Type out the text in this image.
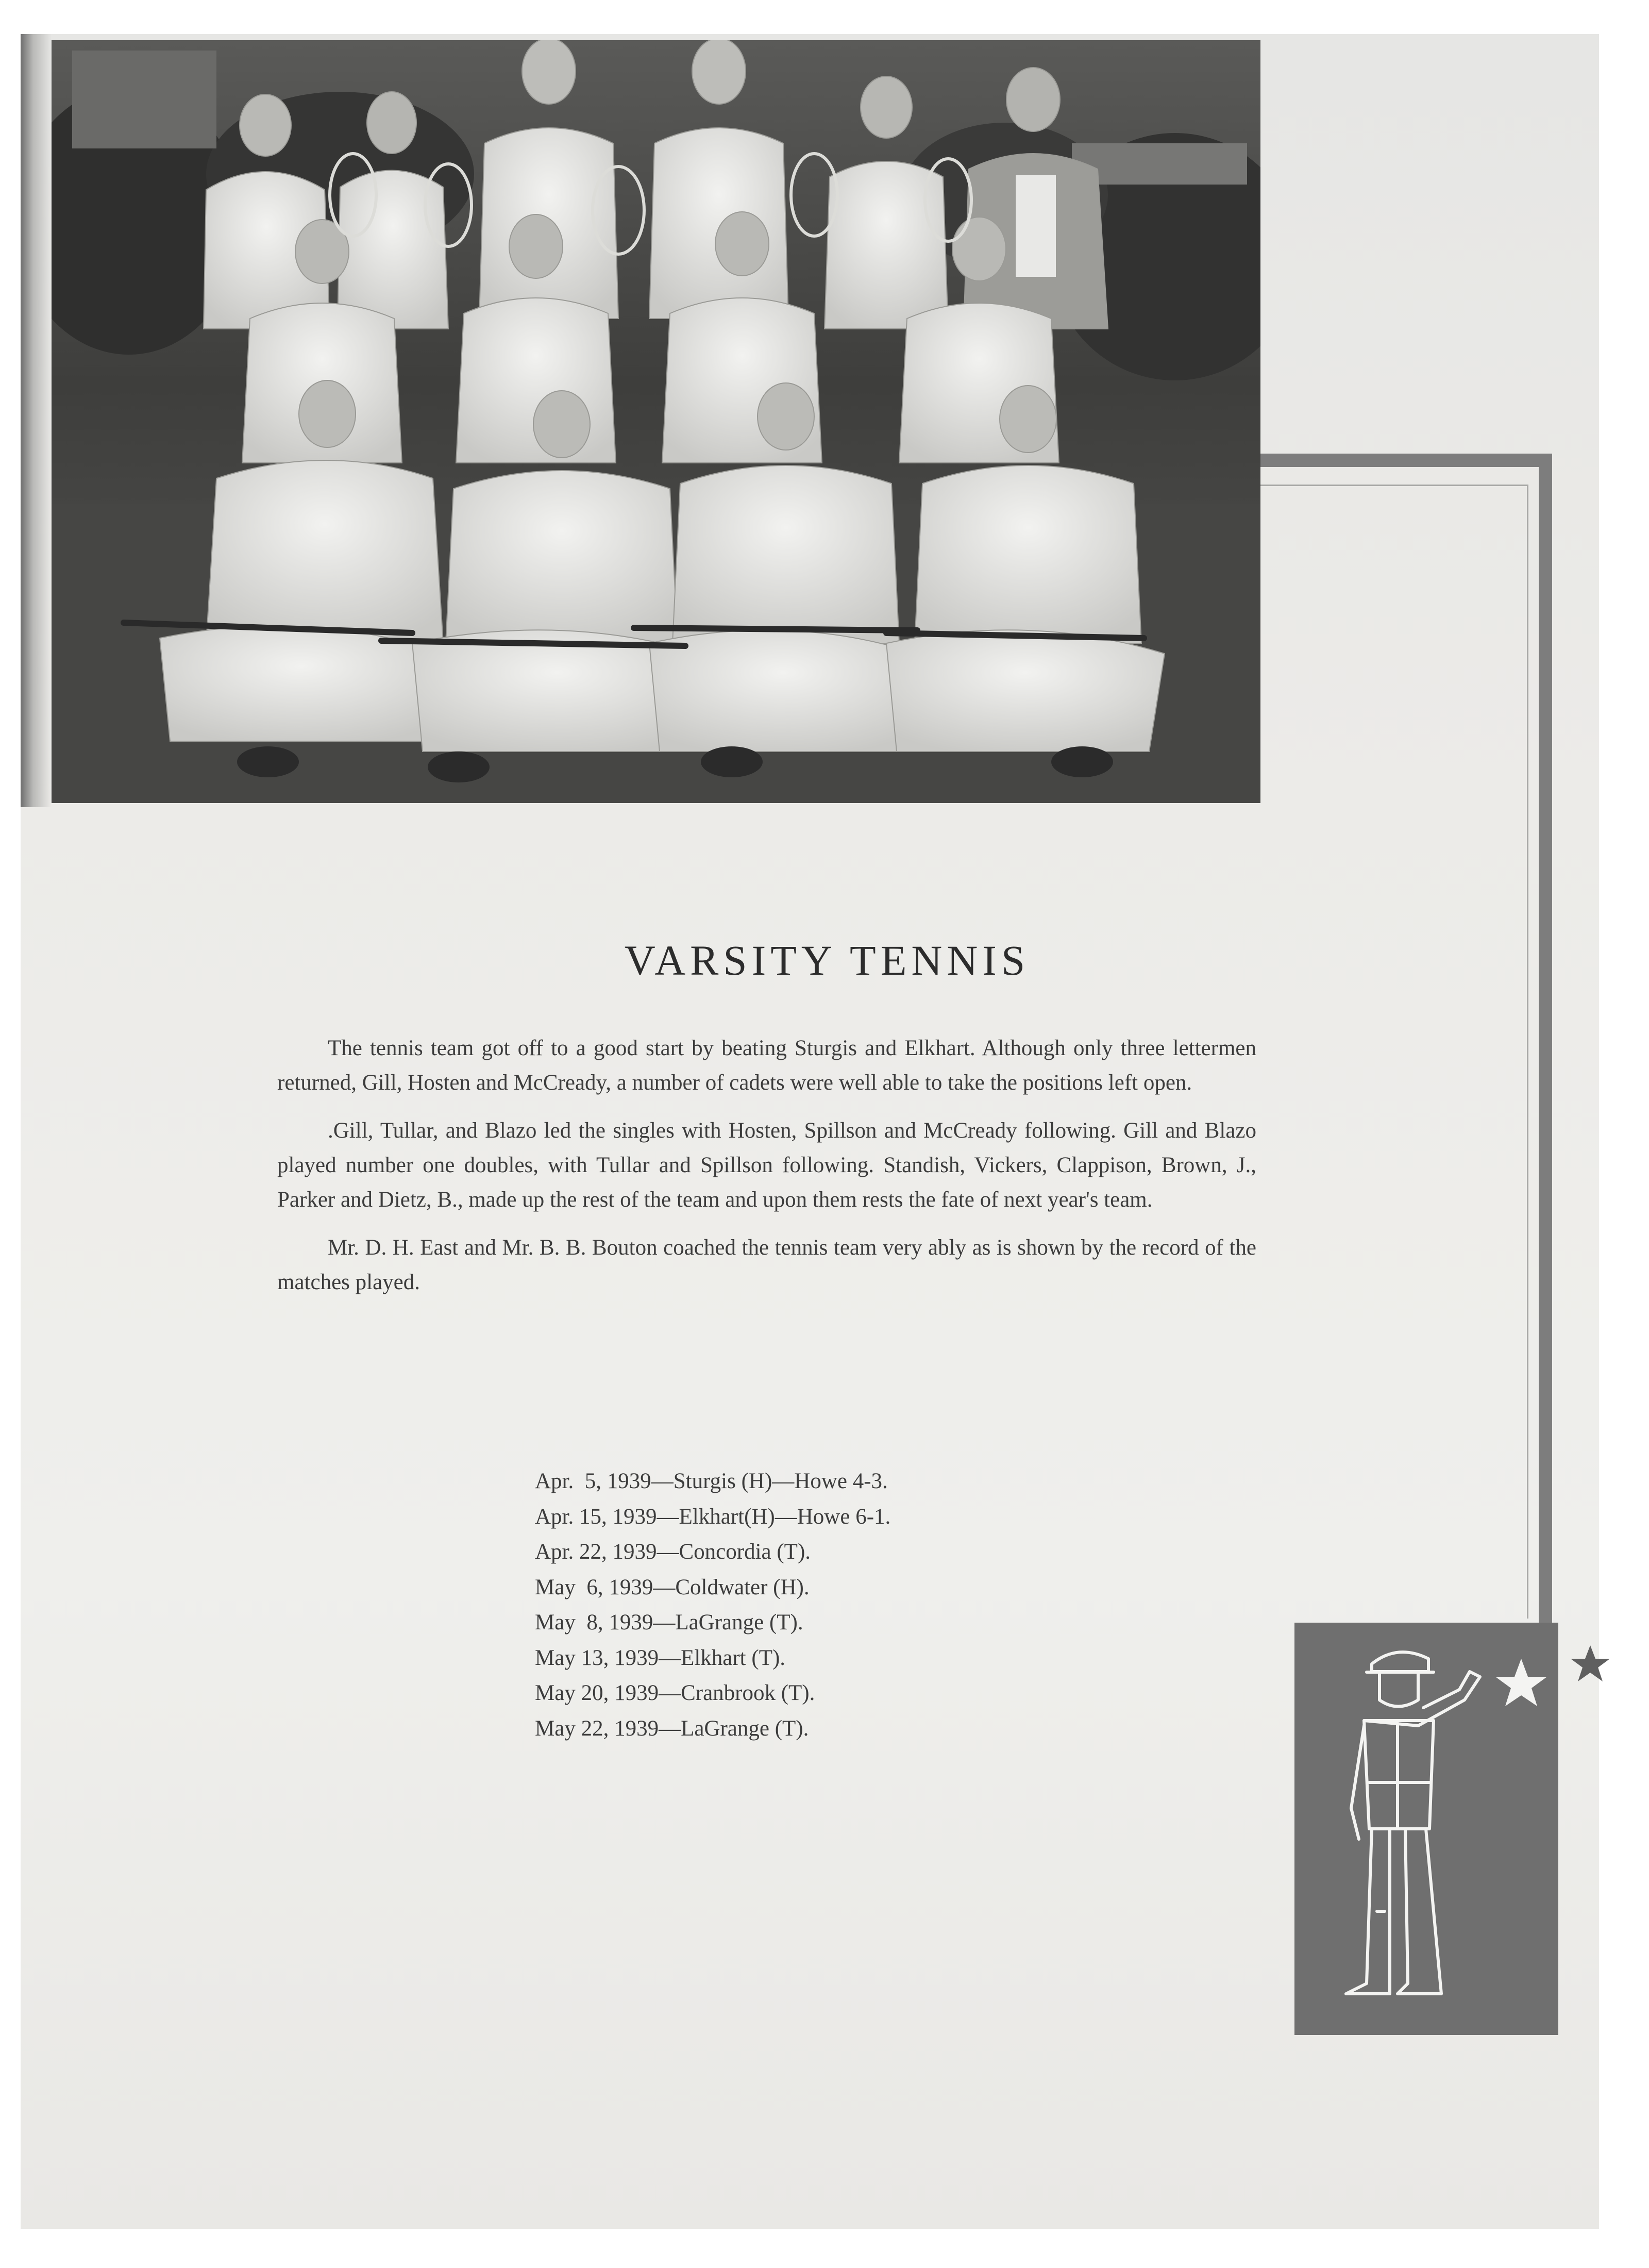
VARSITY TENNIS

The tennis team got off to a good start by beating Sturgis and Elkhart. Although only three lettermen returned, Gill, Hosten and McCready, a number of cadets were well able to take the positions left open.

.Gill, Tullar, and Blazo led the singles with Hosten, Spillson and McCready following. Gill and Blazo played number one doubles, with Tullar and Spillson following. Standish, Vickers, Clappison, Brown, J., Parker and Dietz, B., made up the rest of the team and upon them rests the fate of next year's team.

Mr. D. H. East and Mr. B. B. Bouton coached the tennis team very ably as is shown by the record of the matches played.

Apr.  5, 1939—Sturgis (H)—Howe 4-3.
Apr. 15, 1939—Elkhart(H)—Howe 6-1.
Apr. 22, 1939—Concordia (T).
May  6, 1939—Coldwater (H).
May  8, 1939—LaGrange (T).
May 13, 1939—Elkhart (T).
May 20, 1939—Cranbrook (T).
May 22, 1939—LaGrange (T).
